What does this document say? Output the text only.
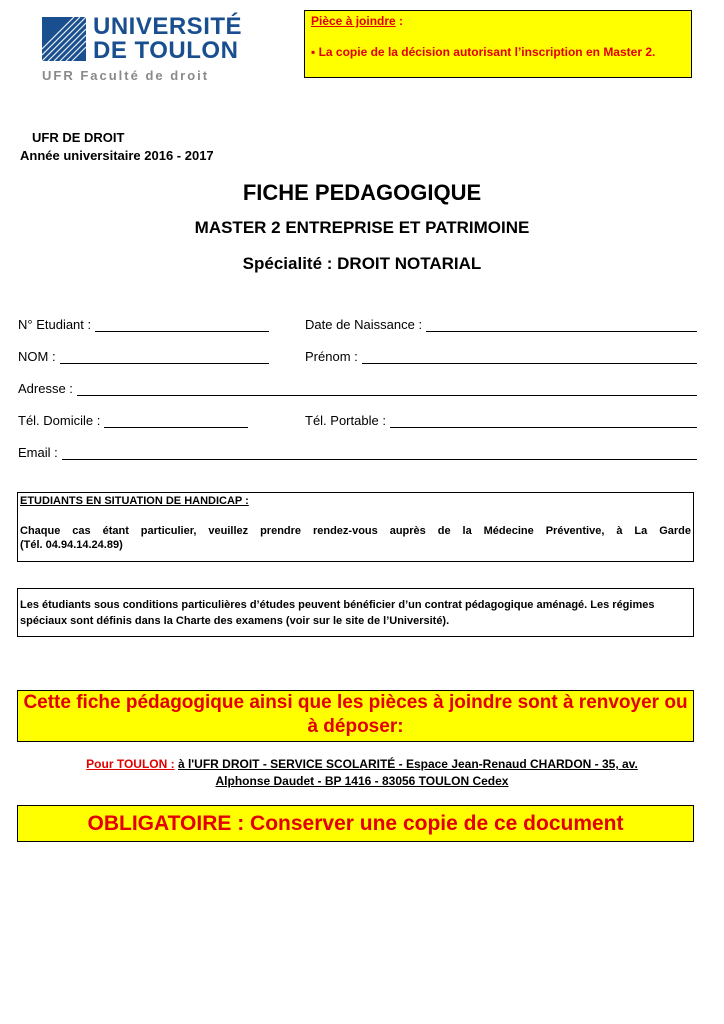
UNIVERSITÉ
DE TOULON
UFR Faculté de droit
Pièce à joindre :
▪ La copie de la décision autorisant l’inscription en Master 2.
UFR DE DROIT
Année universitaire 2016 - 2017
FICHE PEDAGOGIQUE
MASTER 2 ENTREPRISE ET PATRIMOINE
Spécialité : DROIT NOTARIAL
N° Etudiant :	Date de Naissance :
NOM :	Prénom :
Adresse :
Tél. Domicile :	Tél. Portable :
Email :
ETUDIANTS EN SITUATION DE HANDICAP :
Chaque cas étant particulier, veuillez prendre rendez-vous auprès de la Médecine Préventive, à La Garde
(Tél. 04.94.14.24.89)
Les étudiants sous conditions particulières d’études peuvent bénéficier d’un contrat pédagogique aménagé. Les régimes spéciaux sont définis dans la Charte des examens (voir sur le site de l’Université).
Cette fiche pédagogique ainsi que les pièces à joindre sont à renvoyer ou à déposer:
Pour TOULON : à l'UFR DROIT - SERVICE SCOLARITÉ - Espace Jean-Renaud CHARDON - 35, av.
Alphonse Daudet - BP 1416 - 83056 TOULON Cedex
OBLIGATOIRE : Conserver une copie de ce document
